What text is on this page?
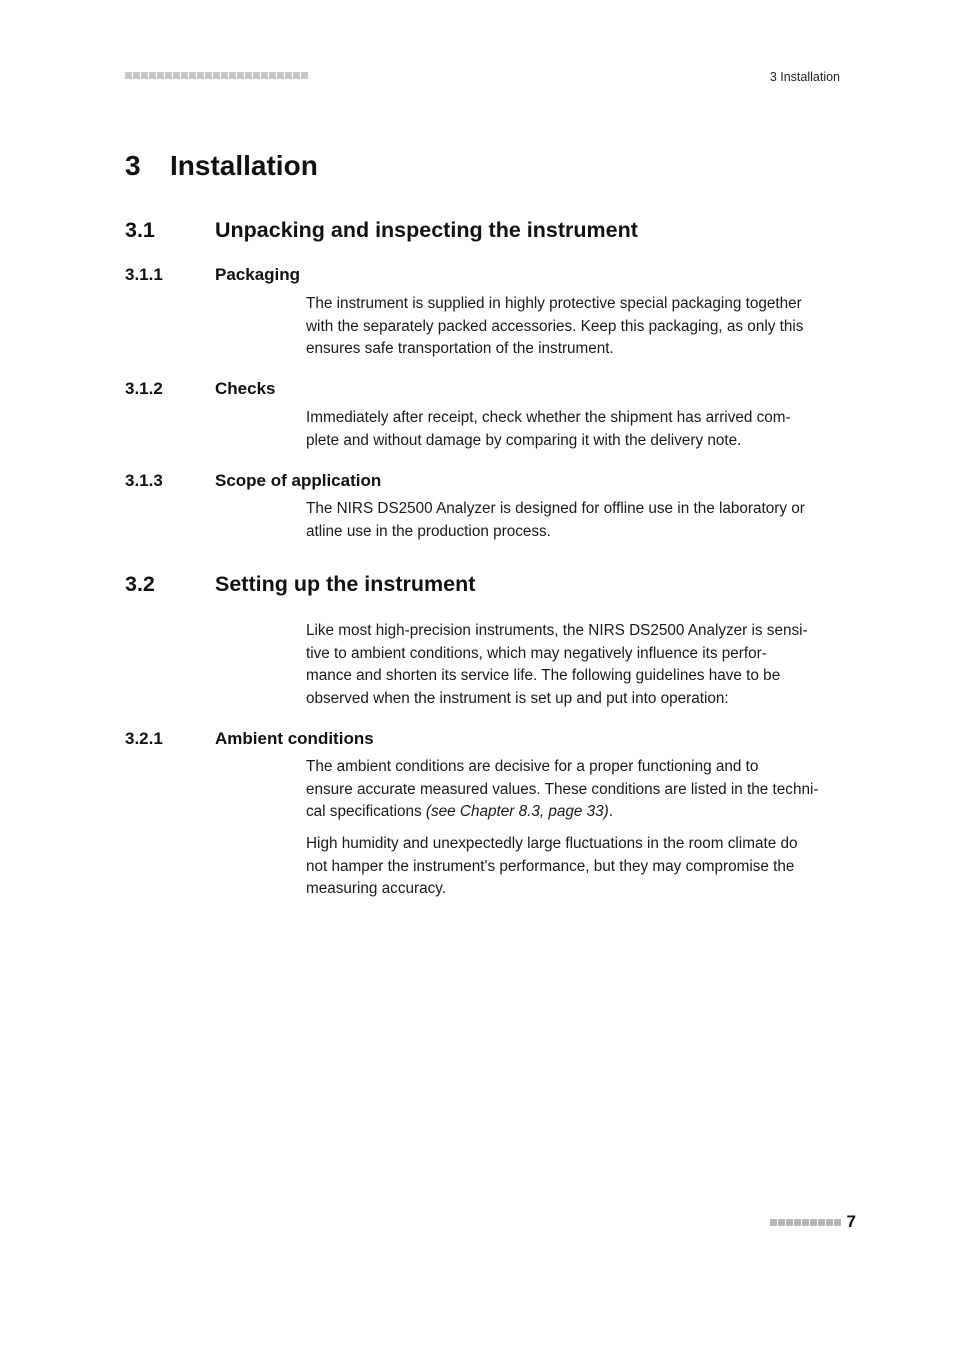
3 Installation
3 Installation
3.1	Unpacking and inspecting the instrument
3.1.1	Packaging
The instrument is supplied in highly protective special packaging together
with the separately packed accessories. Keep this packaging, as only this
ensures safe transportation of the instrument.
3.1.2	Checks
Immediately after receipt, check whether the shipment has arrived com-
plete and without damage by comparing it with the delivery note.
3.1.3	Scope of application
The NIRS DS2500 Analyzer is designed for offline use in the laboratory or
atline use in the production process.
3.2	Setting up the instrument
Like most high-precision instruments, the NIRS DS2500 Analyzer is sensi-
tive to ambient conditions, which may negatively influence its perfor-
mance and shorten its service life. The following guidelines have to be
observed when the instrument is set up and put into operation:
3.2.1	Ambient conditions
The ambient conditions are decisive for a proper functioning and to
ensure accurate measured values. These conditions are listed in the techni-
cal specifications (see Chapter 8.3, page 33).
High humidity and unexpectedly large fluctuations in the room climate do
not hamper the instrument's performance, but they may compromise the
measuring accuracy.
7
